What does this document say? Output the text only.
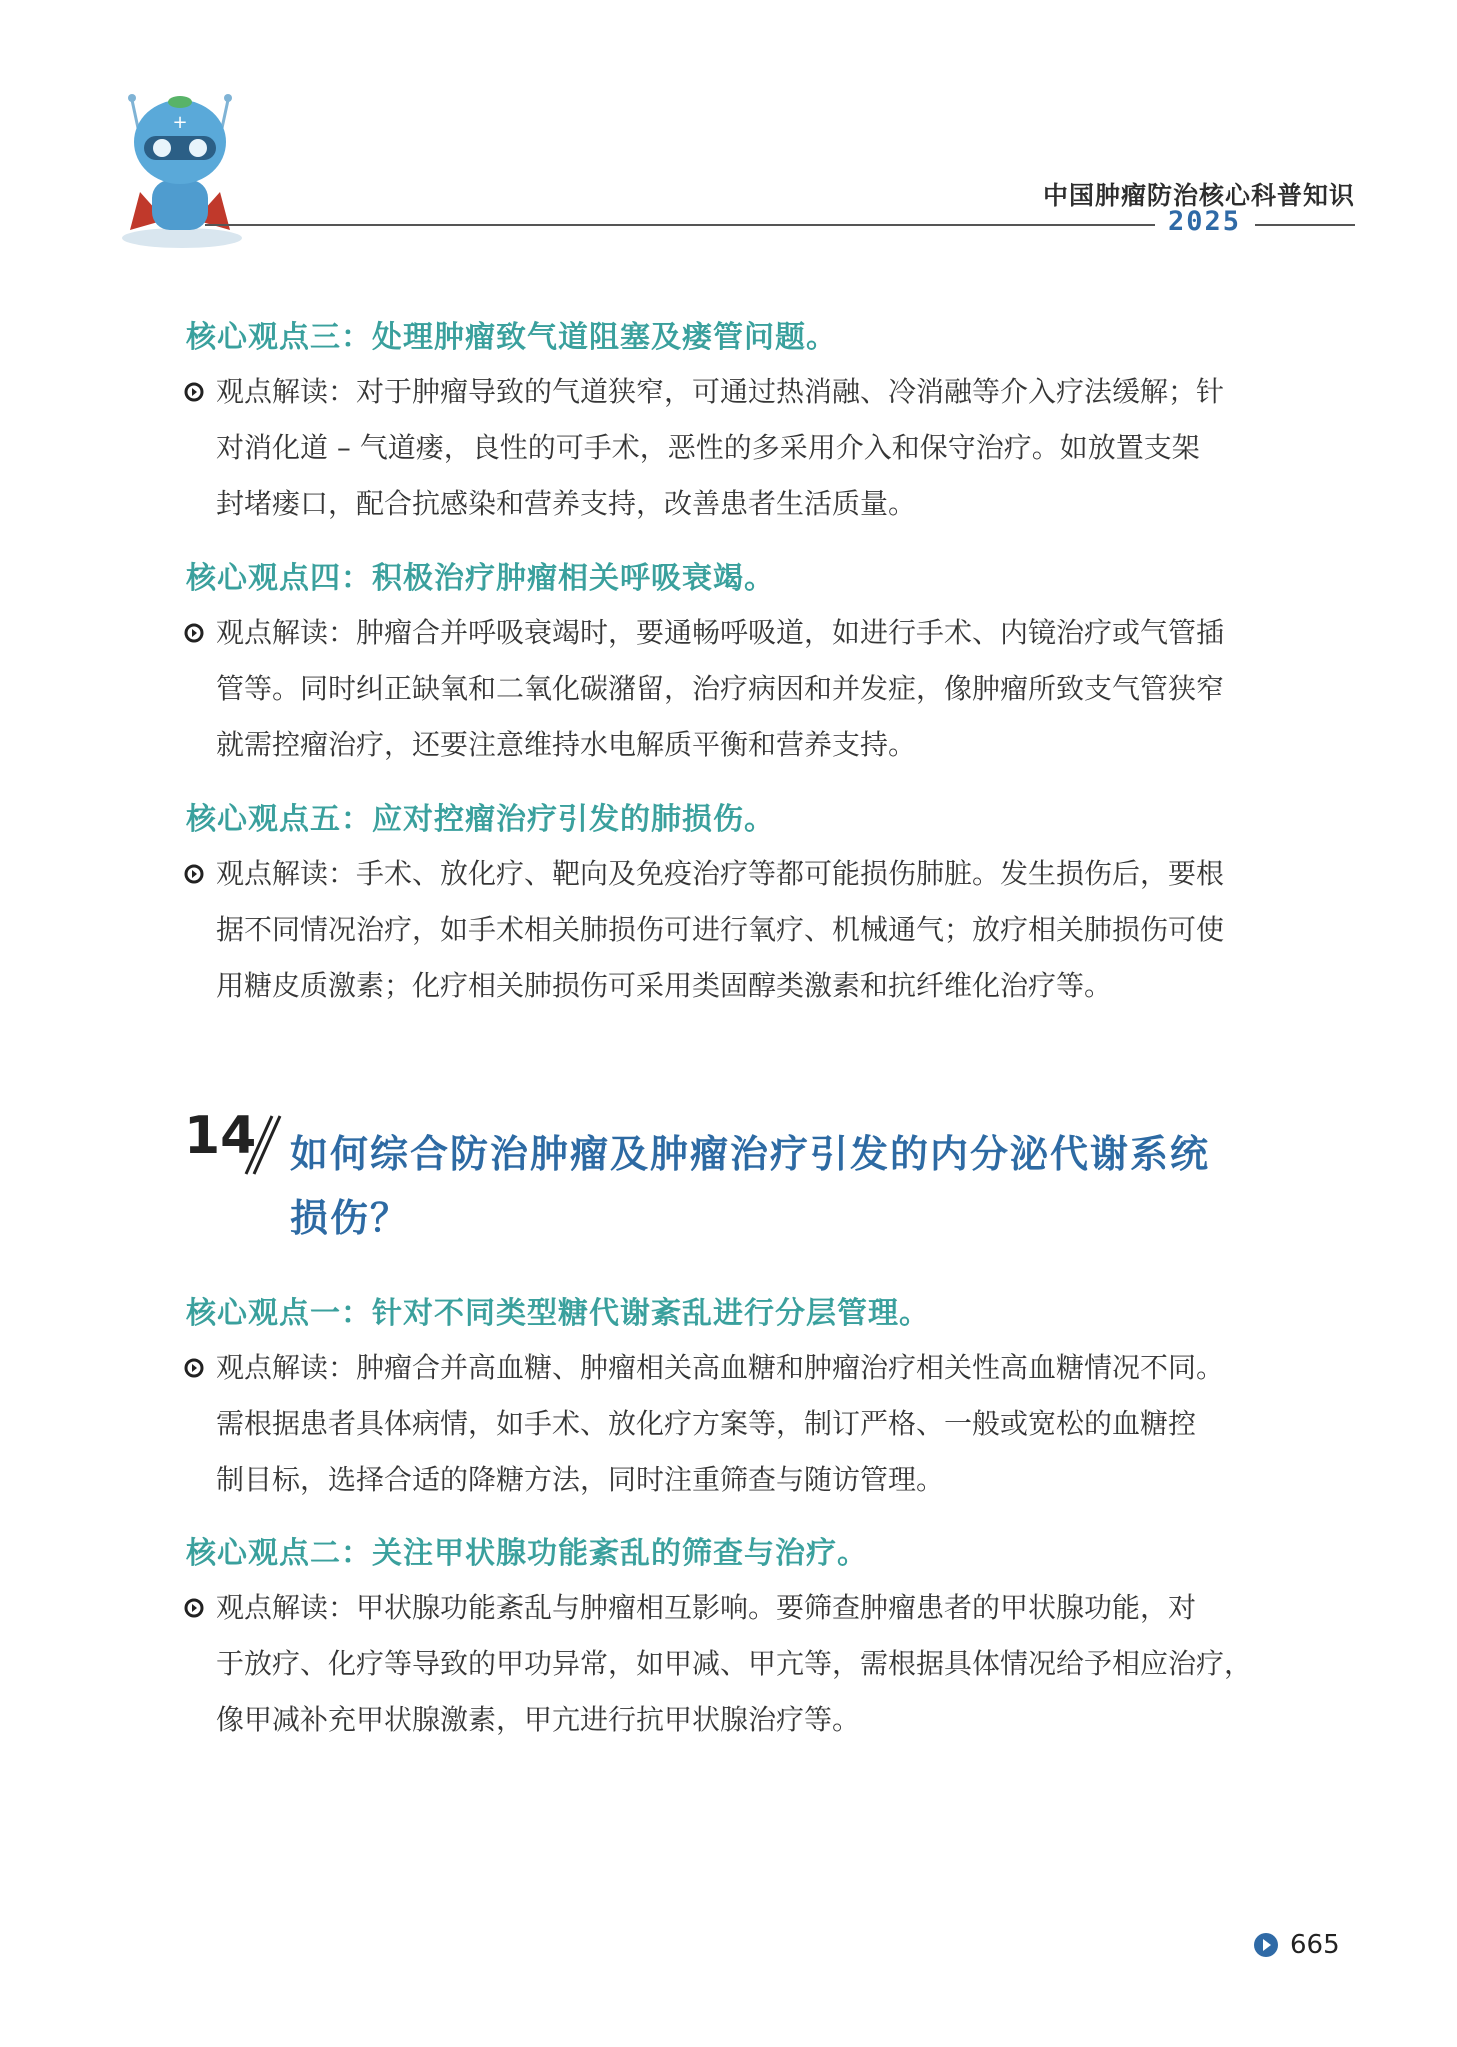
+
中国肿瘤防治核心科普知识
2025
核心观点三：处理肿瘤致气道阻塞及瘘管问题。
观点解读：对于肿瘤导致的气道狭窄，可通过热消融、冷消融等介入疗法缓解；针
对消化道 – 气道瘘，良性的可手术，恶性的多采用介入和保守治疗。如放置支架
封堵瘘口，配合抗感染和营养支持，改善患者生活质量。
核心观点四：积极治疗肿瘤相关呼吸衰竭。
观点解读：肿瘤合并呼吸衰竭时，要通畅呼吸道，如进行手术、内镜治疗或气管插
管等。同时纠正缺氧和二氧化碳潴留，治疗病因和并发症，像肿瘤所致支气管狭窄
就需控瘤治疗，还要注意维持水电解质平衡和营养支持。
核心观点五：应对控瘤治疗引发的肺损伤。
观点解读：手术、放化疗、靶向及免疫治疗等都可能损伤肺脏。发生损伤后，要根
据不同情况治疗，如手术相关肺损伤可进行氧疗、机械通气；放疗相关肺损伤可使
用糖皮质激素；化疗相关肺损伤可采用类固醇类激素和抗纤维化治疗等。
14 如何综合防治肿瘤及肿瘤治疗引发的内分泌代谢系统
损伤？
核心观点一：针对不同类型糖代谢紊乱进行分层管理。
观点解读：肿瘤合并高血糖、肿瘤相关高血糖和肿瘤治疗相关性高血糖情况不同。
需根据患者具体病情，如手术、放化疗方案等，制订严格、一般或宽松的血糖控
制目标，选择合适的降糖方法，同时注重筛查与随访管理。
核心观点二：关注甲状腺功能紊乱的筛查与治疗。
观点解读：甲状腺功能紊乱与肿瘤相互影响。要筛查肿瘤患者的甲状腺功能，对
于放疗、化疗等导致的甲功异常，如甲减、甲亢等，需根据具体情况给予相应治疗，
像甲减补充甲状腺激素，甲亢进行抗甲状腺治疗等。
665
